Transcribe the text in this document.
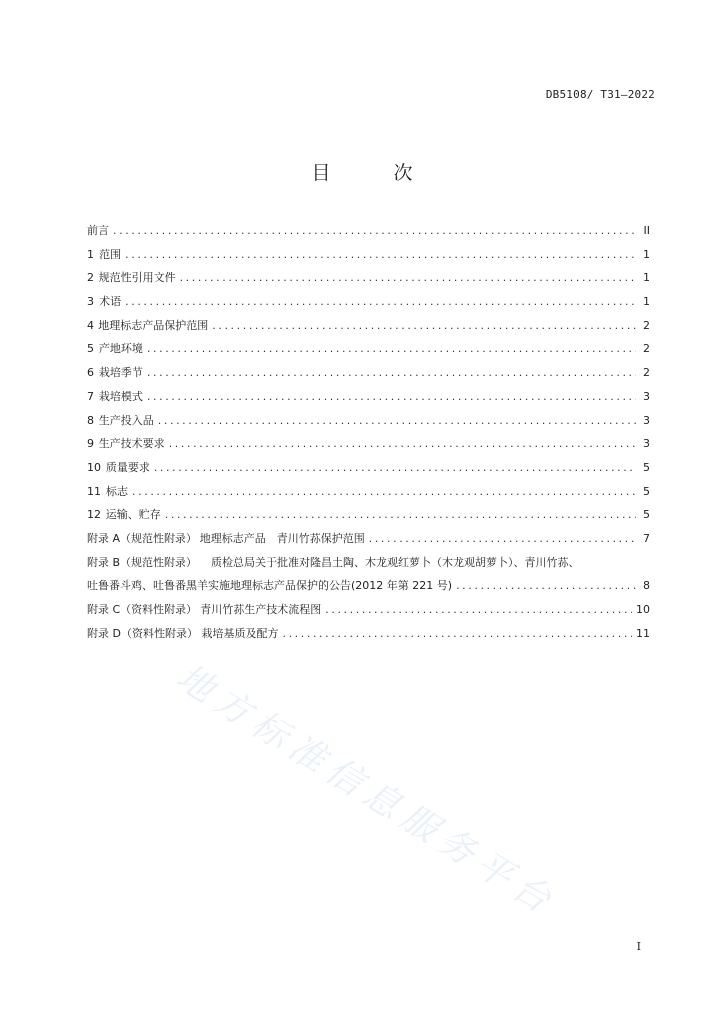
DB5108/ T31—2022
目　次
前言 .....	II
1 范围 .....	1
2 规范性引用文件 .....	1
3 术语 .....	1
4 地理标志产品保护范围 .....	2
5 产地环境 .....	2
6 栽培季节 .....	2
7 栽培模式 .....	3
8 生产投入品 .....	3
9 生产技术要求 .....	3
10 质量要求 .....	5
11 标志 .....	5
12 运输、贮存 .....	5
附录 A（规范性附录） 地理标志产品　青川竹荪保护范围 .....	7
附录 B（规范性附录） 质检总局关于批准对隆昌土陶、木龙观红萝卜（木龙观胡萝卜）、青川竹荪、
吐鲁番斗鸡、吐鲁番黑羊实施地理标志产品保护的公告(2012 年第 221 号) .....	8
附录 C（资料性附录） 青川竹荪生产技术流程图 .....	10
附录 D（资料性附录） 栽培基质及配方 .....	11
地方标准信息服务平台
I
